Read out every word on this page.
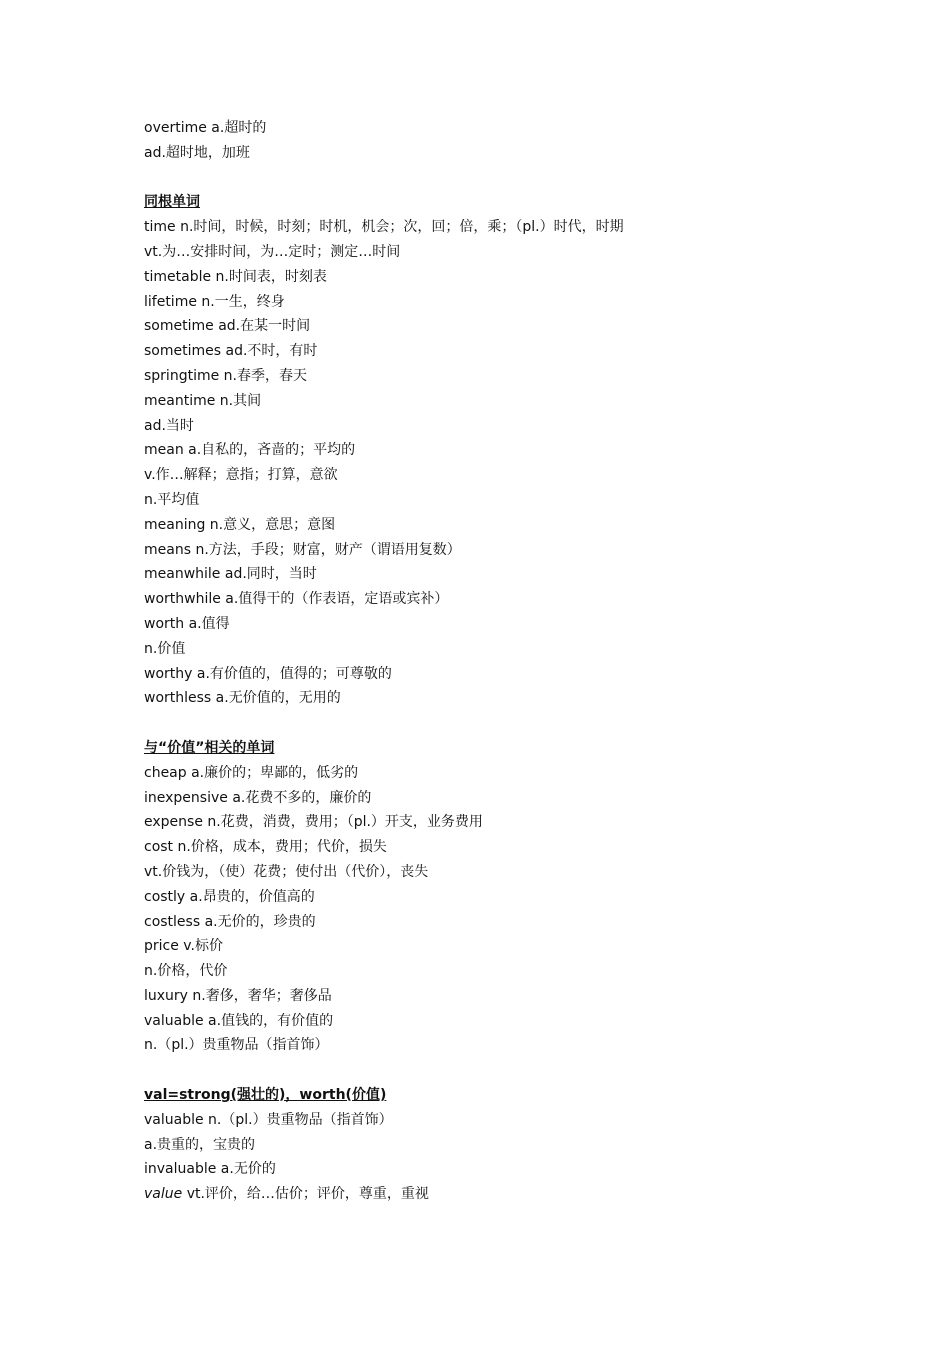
overtime a.超时的
ad.超时地，加班
同根单词
time n.时间，时候，时刻；时机，机会；次，回；倍，乘；（pl.）时代，时期
vt.为…安排时间，为…定时；测定…时间
timetable n.时间表，时刻表
lifetime n.一生，终身
sometime ad.在某一时间
sometimes ad.不时，有时
springtime n.春季，春天
meantime n.其间
ad.当时
mean a.自私的，吝啬的；平均的
v.作…解释；意指；打算，意欲
n.平均值
meaning n.意义，意思；意图
means n.方法，手段；财富，财产（谓语用复数）
meanwhile ad.同时，当时
worthwhile a.值得干的（作表语，定语或宾补）
worth a.值得
n.价值
worthy a.有价值的，值得的；可尊敬的
worthless a.无价值的，无用的
与“价值”相关的单词
cheap a.廉价的；卑鄙的，低劣的
inexpensive a.花费不多的，廉价的
expense n.花费，消费，费用；（pl.）开支，业务费用
cost n.价格，成本，费用；代价，损失
vt.价钱为，（使）花费；使付出（代价），丧失
costly a.昂贵的，价值高的
costless a.无价的，珍贵的
price v.标价
n.价格，代价
luxury n.奢侈，奢华；奢侈品
valuable a.值钱的，有价值的
n.（pl.）贵重物品（指首饰）
val=strong(强壮的)，worth(价值)
valuable n.（pl.）贵重物品（指首饰）
a.贵重的，宝贵的
invaluable a.无价的
value vt.评价，给…估价；评价，尊重，重视
